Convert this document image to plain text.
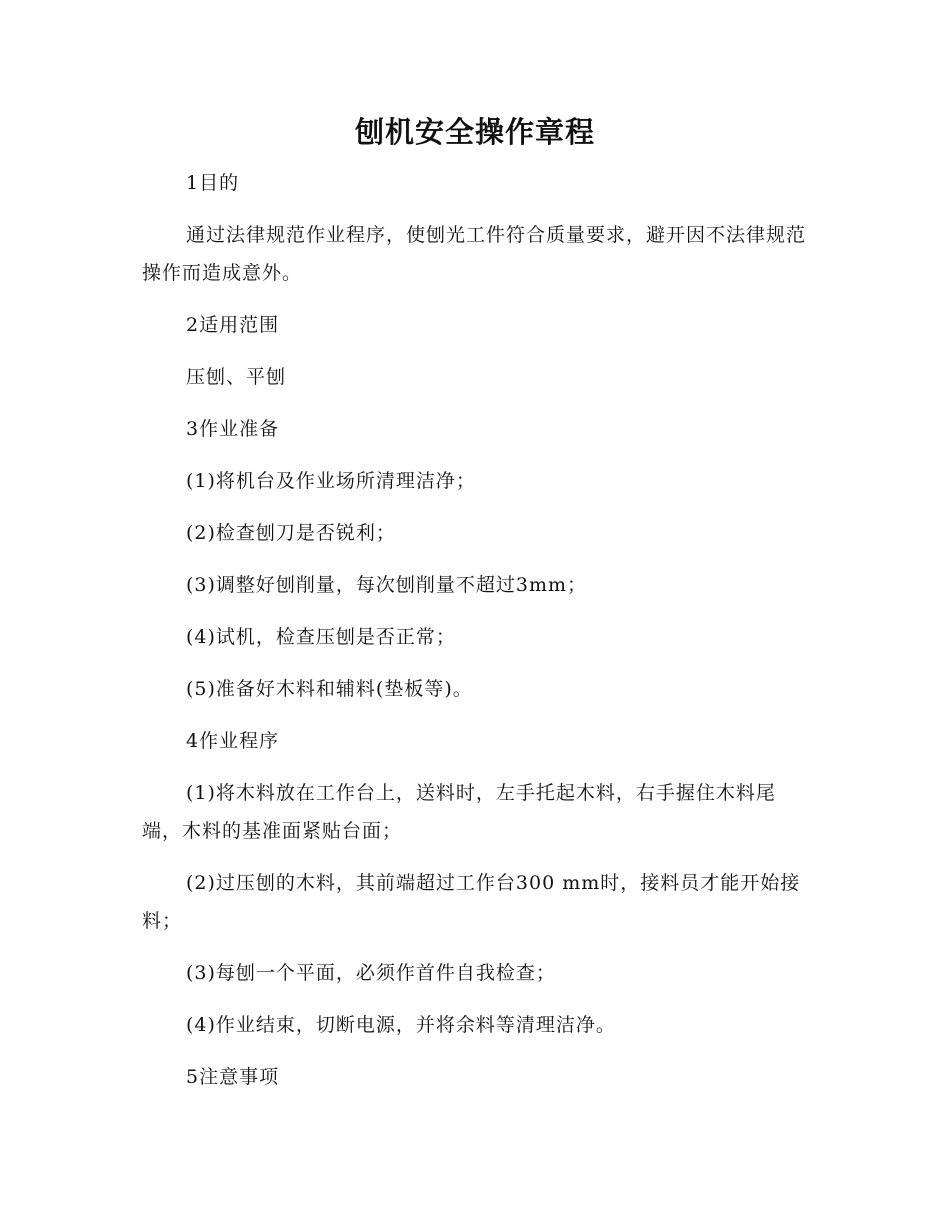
刨机安全操作章程

1目的

通过法律规范作业程序，使刨光工件符合质量要求，避开因不法律规范操作而造成意外。

2适用范围

压刨、平刨

3作业准备

(1)将机台及作业场所清理洁净；

(2)检查刨刀是否锐利；

(3)调整好刨削量，每次刨削量不超过3mm；

(4)试机，检查压刨是否正常；

(5)准备好木料和辅料(垫板等)。

4作业程序

(1)将木料放在工作台上，送料时，左手托起木料，右手握住木料尾端，木料的基准面紧贴台面；

(2)过压刨的木料，其前端超过工作台300 mm时，接料员才能开始接料；

(3)每刨一个平面，必须作首件自我检查；

(4)作业结束，切断电源，并将余料等清理洁净。

5注意事项
